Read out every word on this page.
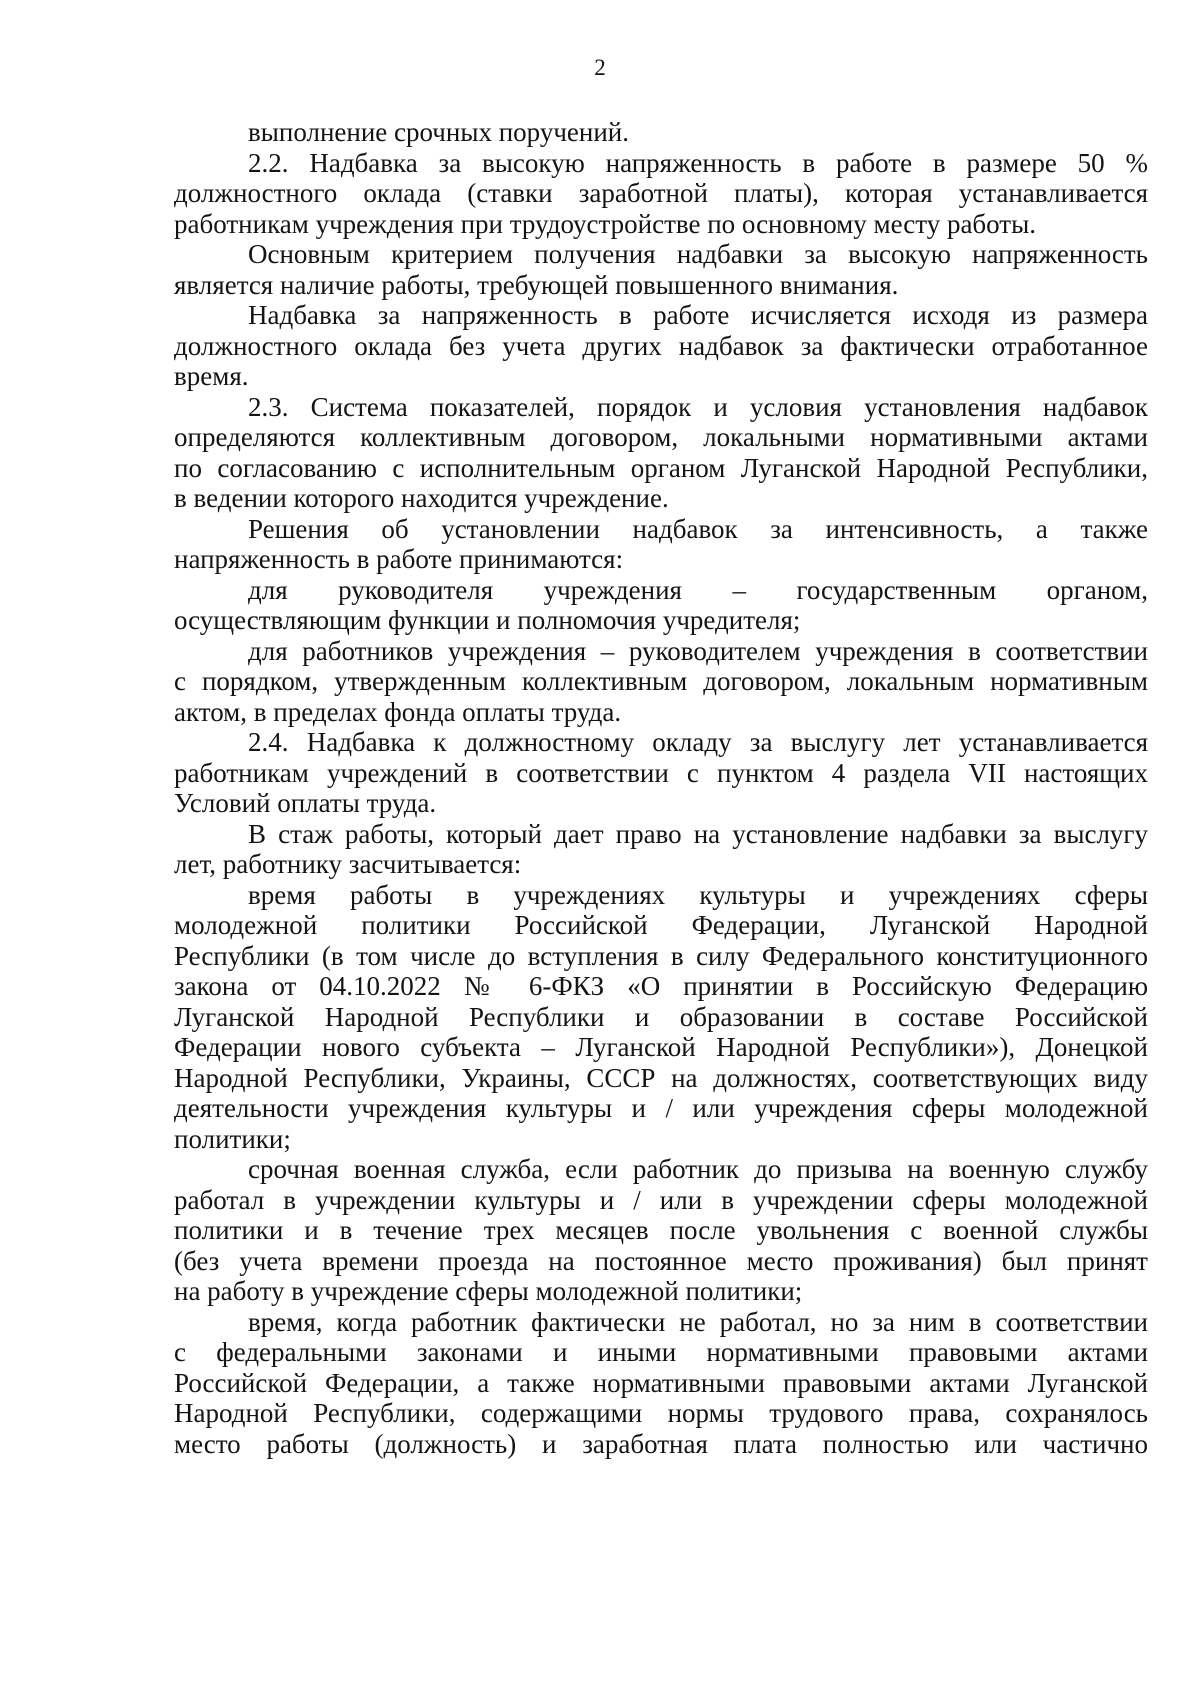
2
выполнение срочных поручений.
2.2. Надбавка за высокую напряженность в работе в размере 50 %
должностного оклада (ставки заработной платы), которая устанавливается
работникам учреждения при трудоустройстве по основному месту работы.
Основным критерием получения надбавки за высокую напряженность
является наличие работы, требующей повышенного внимания.
Надбавка за напряженность в работе исчисляется исходя из размера
должностного оклада без учета других надбавок за фактически отработанное
время.
2.3. Система показателей, порядок и условия установления надбавок
определяются коллективным договором, локальными нормативными актами
по согласованию с исполнительным органом Луганской Народной Республики,
в ведении которого находится учреждение.
Решения об установлении надбавок за интенсивность, а также
напряженность в работе принимаются:
для руководителя учреждения – государственным органом,
осуществляющим функции и полномочия учредителя;
для работников учреждения – руководителем учреждения в соответствии
с порядком, утвержденным коллективным договором, локальным нормативным
актом, в пределах фонда оплаты труда.
2.4. Надбавка к должностному окладу за выслугу лет устанавливается
работникам учреждений в соответствии с пунктом 4 раздела VII настоящих
Условий оплаты труда.
В стаж работы, который дает право на установление надбавки за выслугу
лет, работнику засчитывается:
время работы в учреждениях культуры и учреждениях сферы
молодежной политики Российской Федерации, Луганской Народной
Республики (в том числе до вступления в силу Федерального конституционного
закона от 04.10.2022 № 6-ФКЗ «О принятии в Российскую Федерацию
Луганской Народной Республики и образовании в составе Российской
Федерации нового субъекта – Луганской Народной Республики»), Донецкой
Народной Республики, Украины, СССР на должностях, соответствующих виду
деятельности учреждения культуры и / или учреждения сферы молодежной
политики;
срочная военная служба, если работник до призыва на военную службу
работал в учреждении культуры и / или в учреждении сферы молодежной
политики и в течение трех месяцев после увольнения с военной службы
(без учета времени проезда на постоянное место проживания) был принят
на работу в учреждение сферы молодежной политики;
время, когда работник фактически не работал, но за ним в соответствии
с федеральными законами и иными нормативными правовыми актами
Российской Федерации, а также нормативными правовыми актами Луганской
Народной Республики, содержащими нормы трудового права, сохранялось
место работы (должность) и заработная плата полностью или частично
